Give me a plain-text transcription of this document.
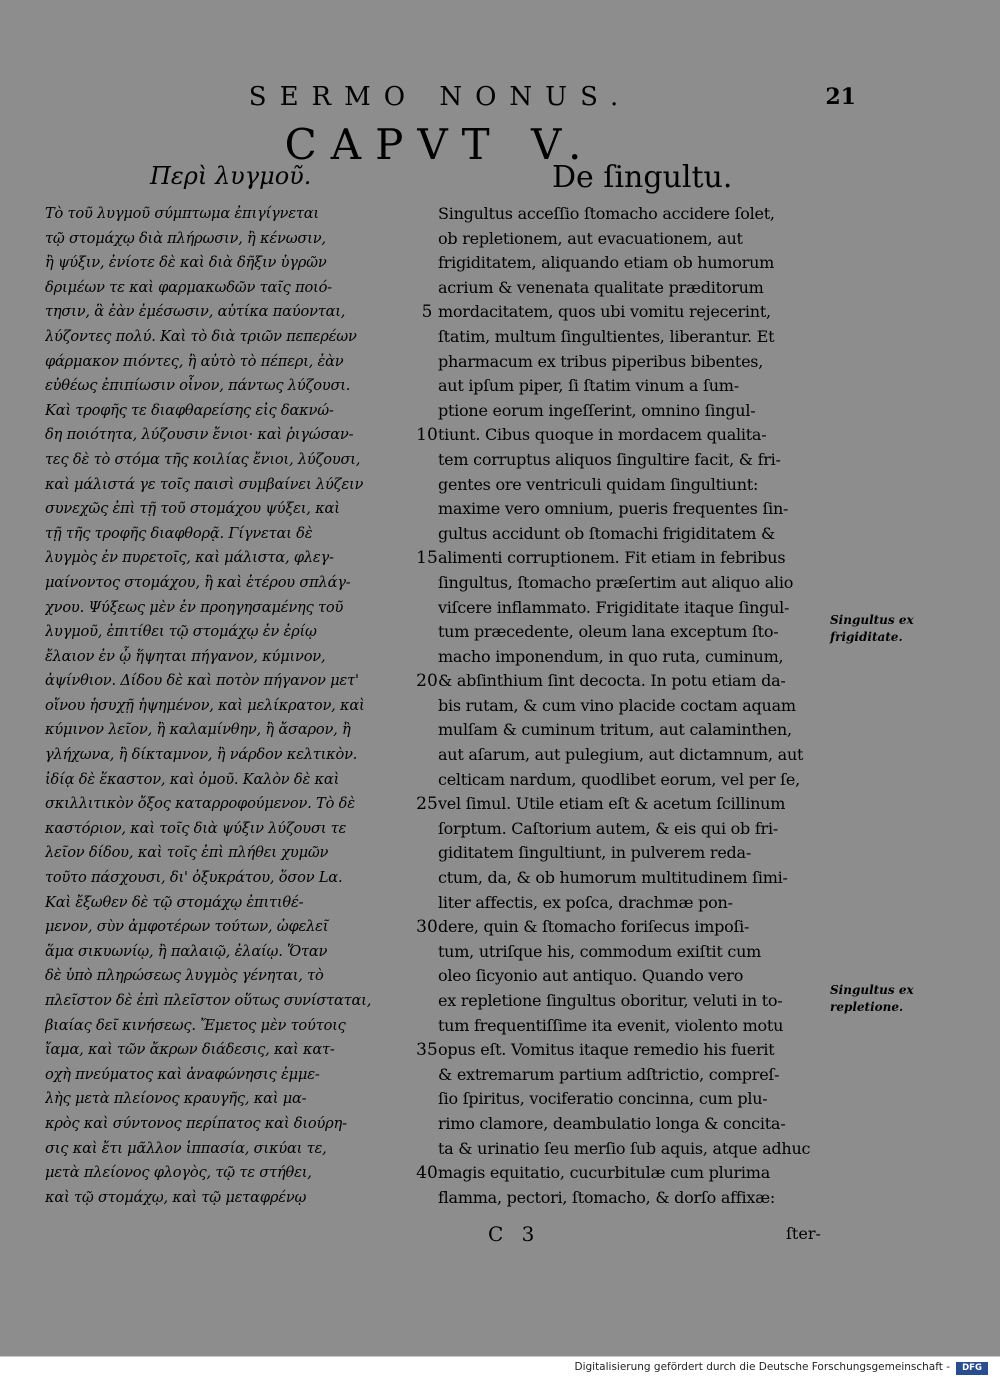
SERMO NONUS.	21
CAPVT V.
Περὶ λυγμοῦ.	De ſingultu.
Τὸ τοῦ λυγμοῦ σύμπτωμα ἐπιγίγνεται
τῷ στομάχῳ διὰ πλήρωσιν, ἢ κένωσιν,
ἢ ψύξιν, ἐνίοτε δὲ καὶ διὰ δῆξιν ὑγρῶν
δριμέων τε καὶ φαρμακωδῶν ταῖς ποιό-
τησιν, ἃ ἐὰν ἐμέσωσιν, αὐτίκα παύονται,
λύζοντες πολύ. Καὶ τὸ διὰ τριῶν πεπερέων
φάρμακον πιόντες, ἢ αὐτὸ τὸ πέπερι, ἐὰν
εὐθέως ἐπιπίωσιν οἶνον, πάντως λύζουσι.
Καὶ τροφῆς τε διαφθαρείσης εἰς δακνώ-
δη ποιότητα, λύζουσιν ἔνιοι· καὶ ῥιγώσαν-
τες δὲ τὸ στόμα τῆς κοιλίας ἔνιοι, λύζουσι,
καὶ μάλιστά γε τοῖς παισὶ συμβαίνει λύζειν
συνεχῶς ἐπὶ τῇ τοῦ στομάχου ψύξει, καὶ
τῇ τῆς τροφῆς διαφθορᾷ. Γίγνεται δὲ
λυγμὸς ἐν πυρετοῖς, καὶ μάλιστα, φλεγ-
μαίνοντος στομάχου, ἢ καὶ ἑτέρου σπλάγ-
χνου. Ψύξεως μὲν ἐν προηγησαμένης τοῦ
λυγμοῦ, ἐπιτίθει τῷ στομάχῳ ἐν ἐρίῳ
ἔλαιον ἐν ᾧ ἥψηται πήγανον, κύμινον,
ἀψίνθιον. Δίδου δὲ καὶ ποτὸν πήγανον μετ'
οἴνου ἡσυχῇ ἡψημένον, καὶ μελίκρατον, καὶ
κύμινον λεῖον, ἢ καλαμίνθην, ἢ ἄσαρον, ἢ
γλήχωνα, ἢ δίκταμνον, ἢ νάρδον κελτικὸν.
ἰδίᾳ δὲ ἕκαστον, καὶ ὁμοῦ. Καλὸν δὲ καὶ
σκιλλιτικὸν ὄξος καταρροφούμενον. Τὸ δὲ
καστόριον, καὶ τοῖς διὰ ψύξιν λύζουσι τε
λεῖον δίδου, καὶ τοῖς ἐπὶ πλήθει χυμῶν
τοῦτο πάσχουσι, δι' ὀξυκράτου, ὅσον Lα.
Καὶ ἔξωθεν δὲ τῷ στομάχῳ ἐπιτιθέ-
μενον, σὺν ἀμφοτέρων τούτων, ὠφελεῖ
ἅμα σικυωνίῳ, ἢ παλαιῷ, ἐλαίῳ. Ὅταν
δὲ ὑπὸ πληρώσεως λυγμὸς γένηται, τὸ
πλεῖστον δὲ ἐπὶ πλεῖστον οὕτως συνίσταται,
βιαίας δεῖ κινήσεως. Ἔμετος μὲν τούτοις
ἴαμα, καὶ τῶν ἄκρων διάδεσις, καὶ κατ-
οχὴ πνεύματος καὶ ἀναφώνησις ἐμμε-
λὴς μετὰ πλείονος κραυγῆς, καὶ μα-
κρὸς καὶ σύντονος περίπατος καὶ διούρη-
σις καὶ ἔτι μᾶλλον ἱππασία, σικύαι τε,
μετὰ πλείονος φλογὸς, τῷ τε στήθει,
καὶ τῷ στομάχῳ, καὶ τῷ μεταφρένῳ
Singultus acceſſio ſtomacho accidere ſolet,
ob repletionem, aut evacuationem, aut
frigiditatem, aliquando etiam ob humorum
acrium & venenata qualitate præditorum
mordacitatem, quos ubi vomitu rejecerint,
ſtatim, multum ſingultientes, liberantur. Et
pharmacum ex tribus piperibus bibentes,
aut ipſum piper, ſi ſtatim vinum a ſum-
ptione eorum ingeſſerint, omnino ſingul-
tiunt. Cibus quoque in mordacem qualita-
tem corruptus aliquos ſingultire facit, & fri-
gentes ore ventriculi quidam ſingultiunt:
maxime vero omnium, pueris frequentes ſin-
gultus accidunt ob ſtomachi frigiditatem &
alimenti corruptionem. Fit etiam in febribus
ſingultus, ſtomacho præſertim aut aliquo alio
viſcere inflammato. Frigiditate itaque ſingul-
tum præcedente, oleum lana exceptum ſto-
macho imponendum, in quo ruta, cuminum,
& abſinthium ſint decocta. In potu etiam da-
bis rutam, & cum vino placide coctam aquam
mulſam & cuminum tritum, aut calaminthen,
aut aſarum, aut pulegium, aut dictamnum, aut
celticam nardum, quodlibet eorum, vel per ſe,
vel ſimul. Utile etiam eſt & acetum ſcillinum
ſorptum. Caſtorium autem, & eis qui ob fri-
giditatem ſingultiunt, in pulverem reda-
ctum, da, & ob humorum multitudinem ſimi-
liter affectis, ex poſca, drachmæ pon-
dere, quin & ſtomacho foriſecus impoſi-
tum, utriſque his, commodum exiſtit cum
oleo ſicyonio aut antiquo. Quando vero
ex repletione ſingultus oboritur, veluti in to-
tum frequentiſſime ita evenit, violento motu
opus eſt. Vomitus itaque remedio his fuerit
& extremarum partium adſtrictio, compreſ-
ſio ſpiritus, vociferatio concinna, cum plu-
rimo clamore, deambulatio longa & concita-
ta & urinatio ſeu merſio ſub aquis, atque adhuc
magis equitatio, cucurbitulæ cum plurima
flamma, pectori, ſtomacho, & dorſo affixæ:
5
10
15
20
25
30
35
40
Singultus ex
frigiditate.
Singultus ex
repletione.
C 3	ſter-
Digitalisierung gefördert durch die Deutsche Forschungsgemeinschaft -	DFG
